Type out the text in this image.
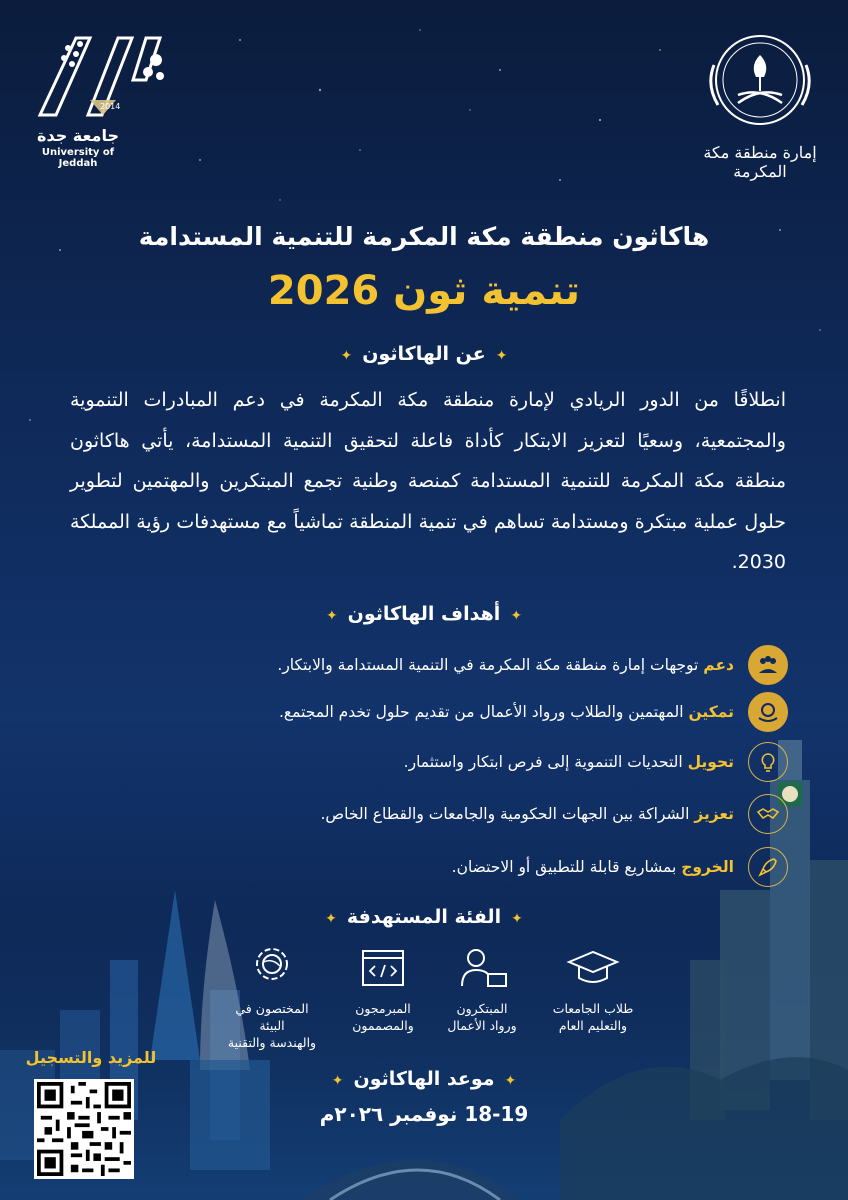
2014
جامعة جدة
University of Jeddah
إمارة منطقة مكة المكرمة
هاكاثون منطقة مكة المكرمة للتنمية المستدامة
تنمية ثون 2026
✦عن الهاكاثون✦
انطلاقًا من الدور الريادي لإمارة منطقة مكة المكرمة في دعم المبادرات التنموية والمجتمعية، وسعيًا لتعزيز الابتكار كأداة فاعلة لتحقيق التنمية المستدامة، يأتي هاكاثون منطقة مكة المكرمة للتنمية المستدامة كمنصة وطنية تجمع المبتكرين والمهتمين لتطوير حلول عملية مبتكرة ومستدامة تساهم في تنمية المنطقة تماشياً مع مستهدفات رؤية المملكة 2030.
✦أهداف الهاكاثون✦
دعم توجهات إمارة منطقة مكة المكرمة في التنمية المستدامة والابتكار.
تمكين المهتمين والطلاب ورواد الأعمال من تقديم حلول تخدم المجتمع.
تحويل التحديات التنموية إلى فرص ابتكار واستثمار.
تعزيز الشراكة بين الجهات الحكومية والجامعات والقطاع الخاص.
الخروج بمشاريع قابلة للتطبيق أو الاحتضان.
✦الفئة المستهدفة✦
طلاب الجامعات
والتعليم العام
المبتكرون
ورواد الأعمال
المبرمجون
والمصممون
المختصون في البيئة
والهندسة والتقنية
✦موعد الهاكاثون✦
18-19 نوفمبر ٢٠٢٦م
للمزيد والتسجيل
